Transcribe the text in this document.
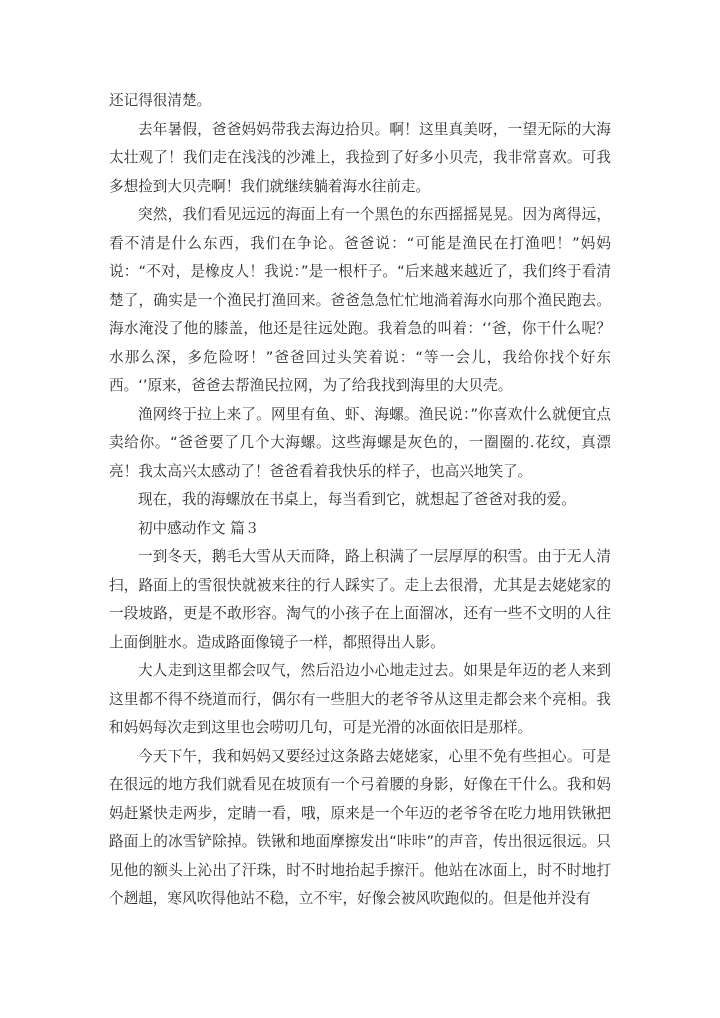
还记得很清楚。

去年暑假，爸爸妈妈带我去海边拾贝。啊！这里真美呀，一望无际的大海太壮观了！我们走在浅浅的沙滩上，我捡到了好多小贝壳，我非常喜欢。可我多想捡到大贝壳啊！我们就继续躺着海水往前走。

突然，我们看见远远的海面上有一个黑色的东西摇摇晃晃。因为离得远，看不清是什么东西，我们在争论。爸爸说：“可能是渔民在打渔吧！”妈妈说：“不对，是橡皮人！我说：”是一根杆子。“后来越来越近了，我们终于看清楚了，确实是一个渔民打渔回来。爸爸急急忙忙地淌着海水向那个渔民跑去。海水淹没了他的膝盖，他还是往远处跑。我着急的叫着：‘’爸，你干什么呢？水那么深，多危险呀！”爸爸回过头笑着说：“等一会儿，我给你找个好东西。‘’原来，爸爸去帮渔民拉网，为了给我找到海里的大贝壳。

渔网终于拉上来了。网里有鱼、虾、海螺。渔民说：”你喜欢什么就便宜点卖给你。“爸爸要了几个大海螺。这些海螺是灰色的，一圈圈的.花纹，真漂亮！我太高兴太感动了！爸爸看着我快乐的样子，也高兴地笑了。

现在，我的海螺放在书桌上，每当看到它，就想起了爸爸对我的爱。

初中感动作文 篇３

一到冬天，鹅毛大雪从天而降，路上积满了一层厚厚的积雪。由于无人清扫，路面上的雪很快就被来往的行人踩实了。走上去很滑，尤其是去姥姥家的一段坡路，更是不敢形容。淘气的小孩子在上面溜冰，还有一些不文明的人往上面倒脏水。造成路面像镜子一样，都照得出人影。

大人走到这里都会叹气，然后沿边小心地走过去。如果是年迈的老人来到这里都不得不绕道而行，偶尔有一些胆大的老爷爷从这里走都会来个亮相。我和妈妈每次走到这里也会唠叨几句，可是光滑的冰面依旧是那样。

今天下午，我和妈妈又要经过这条路去姥姥家，心里不免有些担心。可是在很远的地方我们就看见在坡顶有一个弓着腰的身影，好像在干什么。我和妈妈赶紧快走两步，定睛一看，哦，原来是一个年迈的老爷爷在吃力地用铁锹把路面上的冰雪铲除掉。铁锹和地面摩擦发出“咔咔”的声音，传出很远很远。只见他的额头上沁出了汗珠，时不时地抬起手擦汗。他站在冰面上，时不时地打个趔趄，寒风吹得他站不稳，立不牢，好像会被风吹跑似的。但是他并没有
